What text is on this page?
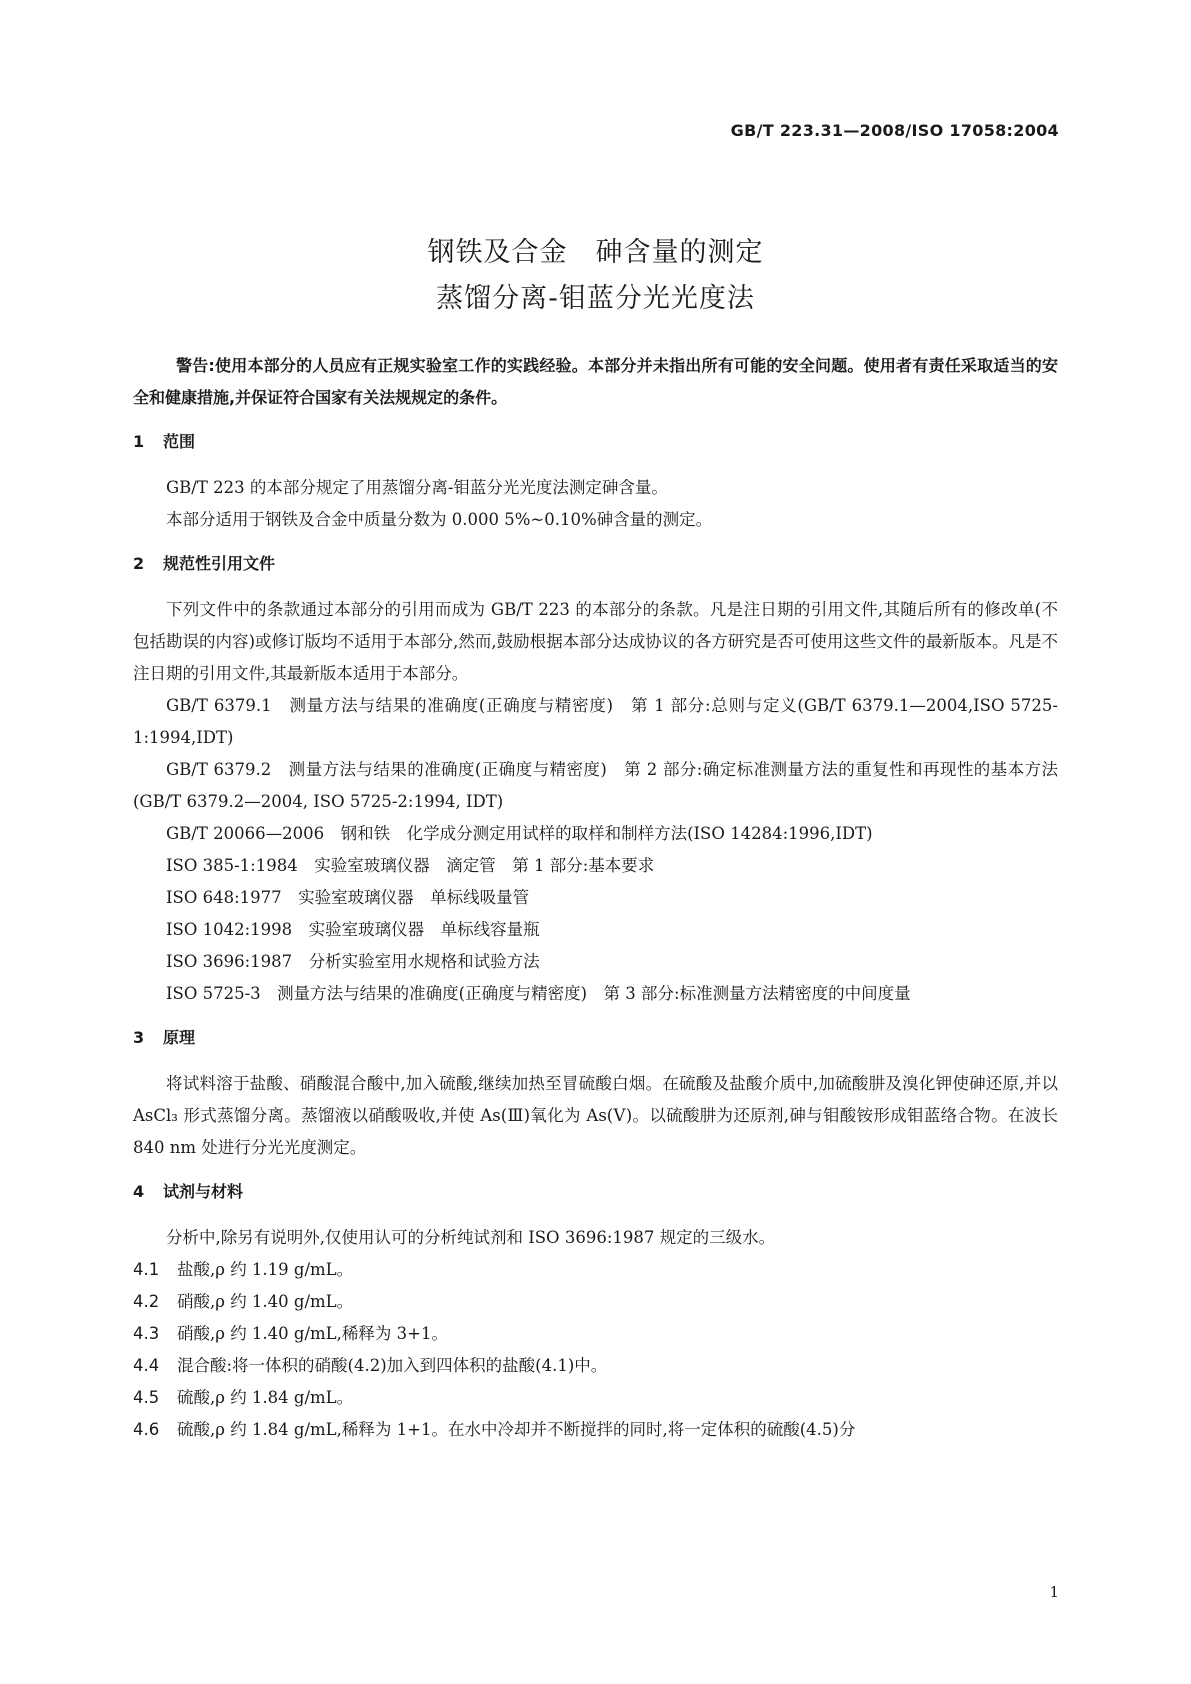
GB/T 223.31—2008/ISO 17058:2004
钢铁及合金　砷含量的测定
蒸馏分离-钼蓝分光光度法

警告:使用本部分的人员应有正规实验室工作的实践经验。本部分并未指出所有可能的安全问题。使用者有责任采取适当的安全和健康措施,并保证符合国家有关法规规定的条件。

1 范围

GB/T 223 的本部分规定了用蒸馏分离-钼蓝分光光度法测定砷含量。

本部分适用于钢铁及合金中质量分数为 0.000 5%~0.10%砷含量的测定。

2 规范性引用文件

下列文件中的条款通过本部分的引用而成为 GB/T 223 的本部分的条款。凡是注日期的引用文件,其随后所有的修改单(不包括勘误的内容)或修订版均不适用于本部分,然而,鼓励根据本部分达成协议的各方研究是否可使用这些文件的最新版本。凡是不注日期的引用文件,其最新版本适用于本部分。

GB/T 6379.1　测量方法与结果的准确度(正确度与精密度)　第 1 部分:总则与定义(GB/T 6379.1—2004,ISO 5725-1:1994,IDT)

GB/T 6379.2　测量方法与结果的准确度(正确度与精密度)　第 2 部分:确定标准测量方法的重复性和再现性的基本方法(GB/T 6379.2—2004, ISO 5725-2:1994, IDT)

GB/T 20066—2006　钢和铁　化学成分测定用试样的取样和制样方法(ISO 14284:1996,IDT)

ISO 385-1:1984　实验室玻璃仪器　滴定管　第 1 部分:基本要求

ISO 648:1977　实验室玻璃仪器　单标线吸量管

ISO 1042:1998　实验室玻璃仪器　单标线容量瓶

ISO 3696:1987　分析实验室用水规格和试验方法

ISO 5725-3　测量方法与结果的准确度(正确度与精密度)　第 3 部分:标准测量方法精密度的中间度量

3 原理

将试料溶于盐酸、硝酸混合酸中,加入硫酸,继续加热至冒硫酸白烟。在硫酸及盐酸介质中,加硫酸肼及溴化钾使砷还原,并以 AsCl₃ 形式蒸馏分离。蒸馏液以硝酸吸收,并使 As(Ⅲ)氧化为 As(Ⅴ)。以硫酸肼为还原剂,砷与钼酸铵形成钼蓝络合物。在波长 840 nm 处进行分光光度测定。

4 试剂与材料

分析中,除另有说明外,仅使用认可的分析纯试剂和 ISO 3696:1987 规定的三级水。

4.1 盐酸,ρ 约 1.19 g/mL。

4.2 硝酸,ρ 约 1.40 g/mL。

4.3 硝酸,ρ 约 1.40 g/mL,稀释为 3+1。

4.4 混合酸:将一体积的硝酸(4.2)加入到四体积的盐酸(4.1)中。

4.5 硫酸,ρ 约 1.84 g/mL。

4.6 硫酸,ρ 约 1.84 g/mL,稀释为 1+1。在水中冷却并不断搅拌的同时,将一定体积的硫酸(4.5)分

1
